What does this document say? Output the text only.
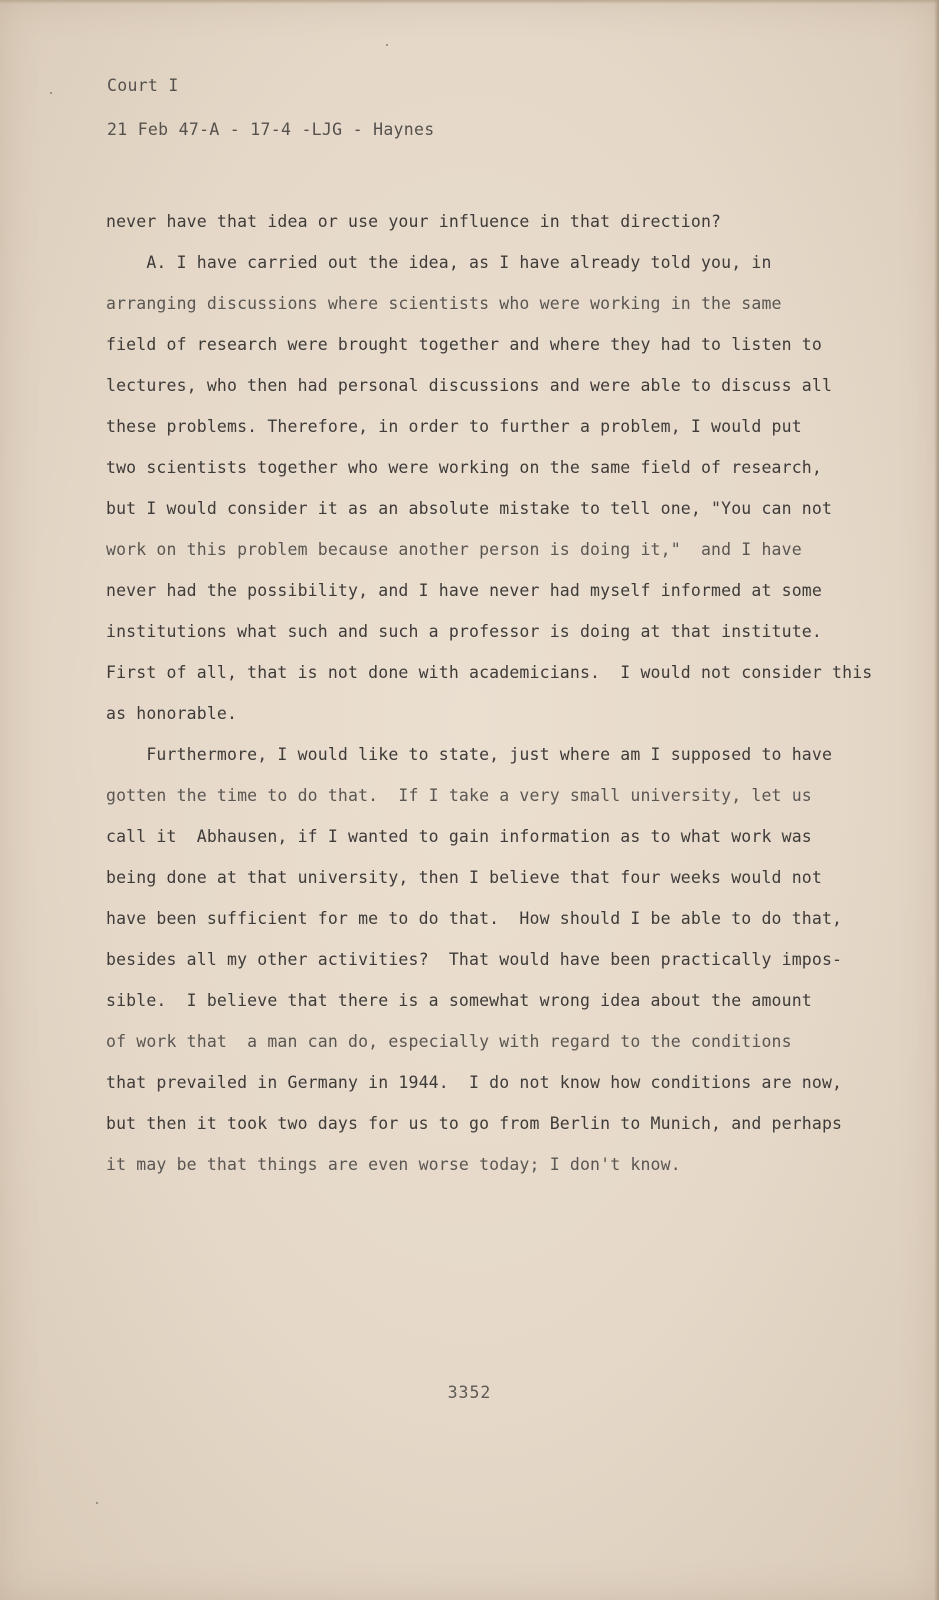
Court I
21 Feb 47-A - 17-4 -LJG - Haynes
never have that idea or use your influence in that direction?
A. I have carried out the idea, as I have already told you, in
arranging discussions where scientists who were working in the same
field of research were brought together and where they had to listen to
lectures, who then had personal discussions and were able to discuss all
these problems. Therefore, in order to further a problem, I would put
two scientists together who were working on the same field of research,
but I would consider it as an absolute mistake to tell one, "You can not
work on this problem because another person is doing it,"  and I have
never had the possibility, and I have never had myself informed at some
institutions what such and such a professor is doing at that institute.
First of all, that is not done with academicians.  I would not consider this
as honorable.
Furthermore, I would like to state, just where am I supposed to have
gotten the time to do that.  If I take a very small university, let us
call it  Abhausen, if I wanted to gain information as to what work was
being done at that university, then I believe that four weeks would not
have been sufficient for me to do that.  How should I be able to do that,
besides all my other activities?  That would have been practically impos-
sible.  I believe that there is a somewhat wrong idea about the amount
of work that  a man can do, especially with regard to the conditions
that prevailed in Germany in 1944.  I do not know how conditions are now,
but then it took two days for us to go from Berlin to Munich, and perhaps
it may be that things are even worse today; I don't know.
3352
